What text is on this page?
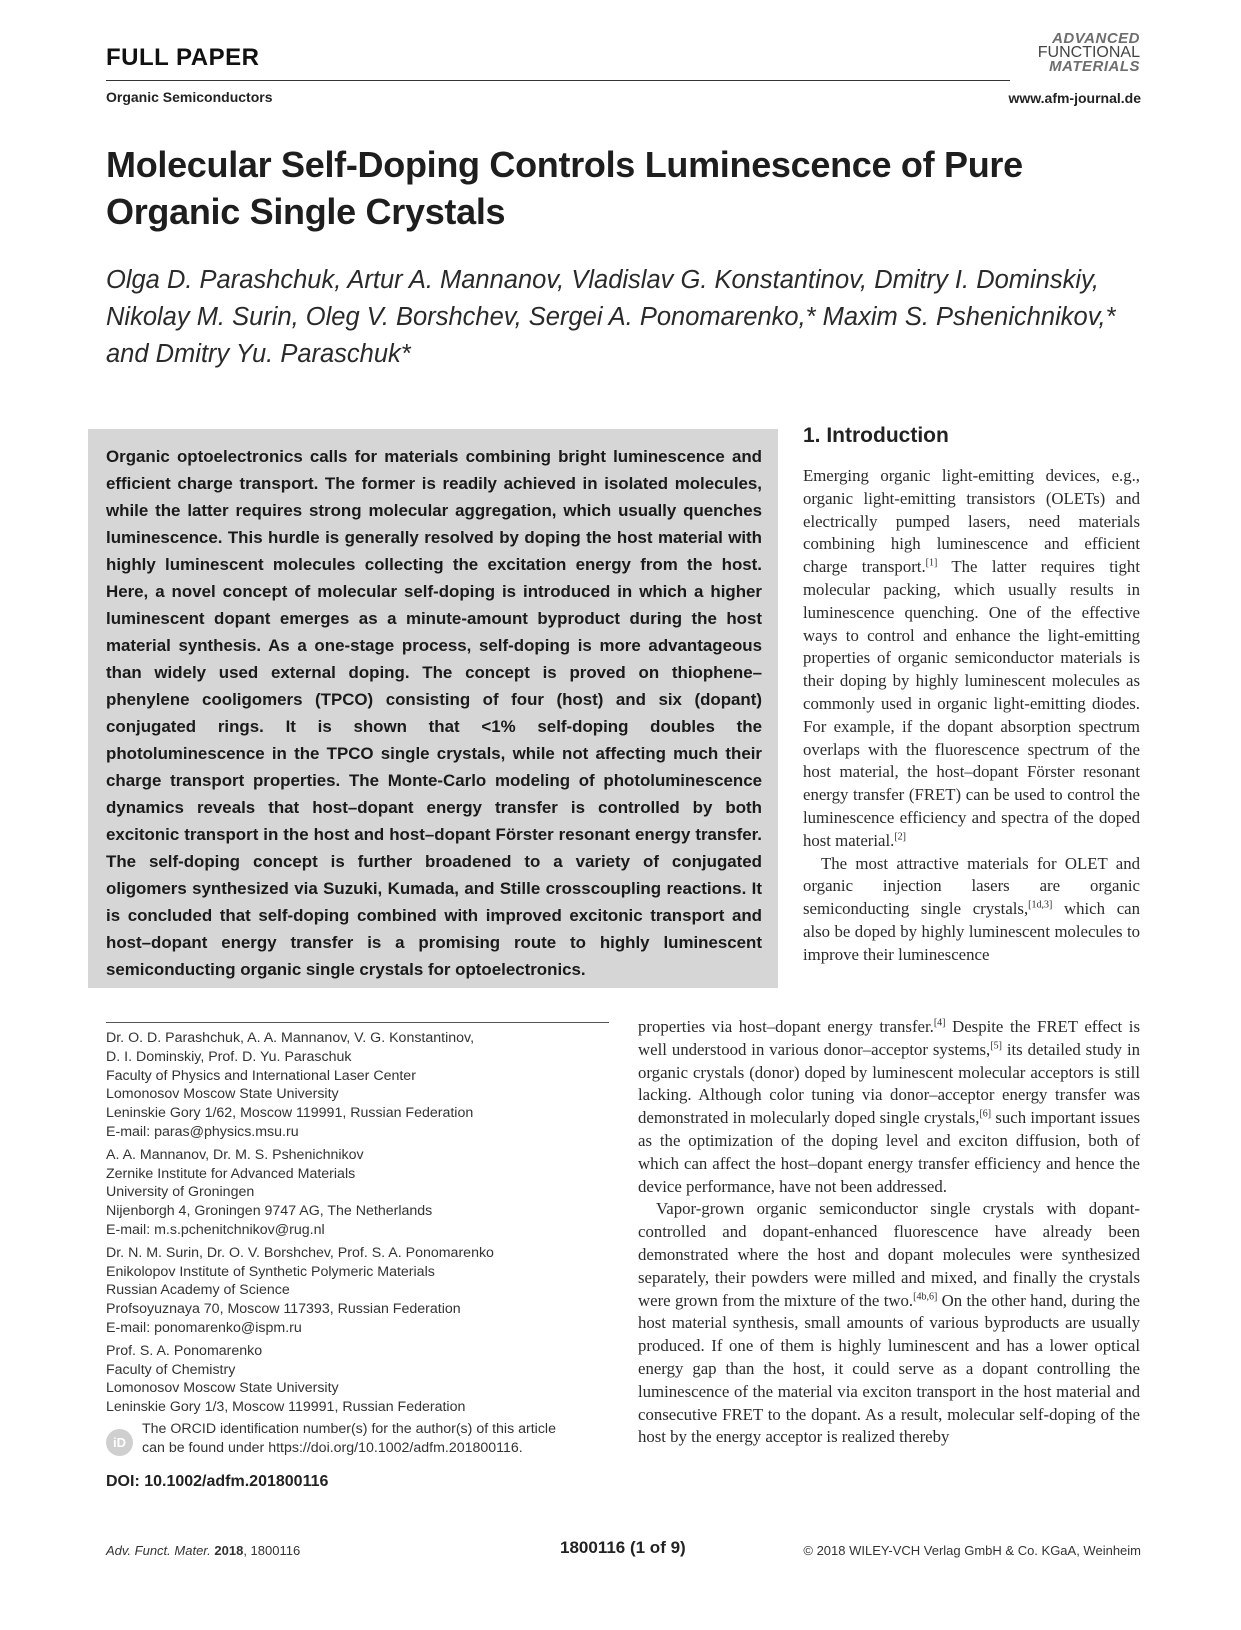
FULL PAPER
Organic Semiconductors
ADVANCED
FUNCTIONAL
MATERIALS
www.afm-journal.de
Molecular Self-Doping Controls Luminescence of Pure Organic Single Crystals
Olga D. Parashchuk, Artur A. Mannanov, Vladislav G. Konstantinov, Dmitry I. Dominskiy, Nikolay M. Surin, Oleg V. Borshchev, Sergei A. Ponomarenko,* Maxim S. Pshenichnikov,* and Dmitry Yu. Paraschuk*
Organic optoelectronics calls for materials combining bright luminescence and efficient charge transport. The former is readily achieved in isolated molecules, while the latter requires strong molecular aggregation, which usually quenches luminescence. This hurdle is generally resolved by doping the host material with highly luminescent molecules collecting the excitation energy from the host. Here, a novel concept of molecular self-doping is introduced in which a higher luminescent dopant emerges as a minute-amount byproduct during the host material synthesis. As a one-stage process, self-doping is more advantageous than widely used external doping. The concept is proved on thiophene–phenylene cooligomers (TPCO) consisting of four (host) and six (dopant) conjugated rings. It is shown that <1% self-doping doubles the photoluminescence in the TPCO single crystals, while not affecting much their charge transport properties. The Monte-Carlo modeling of photoluminescence dynamics reveals that host–dopant energy transfer is controlled by both excitonic transport in the host and host–dopant Förster resonant energy transfer. The self-doping concept is further broadened to a variety of conjugated oligomers synthesized via Suzuki, Kumada, and Stille crosscoupling reactions. It is concluded that self-doping combined with improved excitonic transport and host–dopant energy transfer is a promising route to highly luminescent semiconducting organic single crystals for optoelectronics.
1. Introduction

Emerging organic light-emitting devices, e.g., organic light-emitting transistors (OLETs) and electrically pumped lasers, need materials combining high luminescence and efficient charge transport.[1] The latter requires tight molecular packing, which usually results in luminescence quenching. One of the effective ways to control and enhance the light-emitting properties of organic semiconductor materials is their doping by highly luminescent molecules as commonly used in organic light-emitting diodes. For example, if the dopant absorption spectrum overlaps with the fluorescence spectrum of the host material, the host–dopant Förster resonant energy transfer (FRET) can be used to control the luminescence efficiency and spectra of the doped host material.[2]

The most attractive materials for OLET and organic injection lasers are organic semiconducting single crystals,[1d,3] which can also be doped by highly luminescent molecules to improve their luminescence

properties via host–dopant energy transfer.[4] Despite the FRET effect is well understood in various donor–acceptor systems,[5] its detailed study in organic crystals (donor) doped by luminescent molecular acceptors is still lacking. Although color tuning via donor–acceptor energy transfer was demonstrated in molecularly doped single crystals,[6] such important issues as the optimization of the doping level and exciton diffusion, both of which can affect the host–dopant energy transfer efficiency and hence the device performance, have not been addressed.

Vapor-grown organic semiconductor single crystals with dopant-controlled and dopant-enhanced fluorescence have already been demonstrated where the host and dopant molecules were synthesized separately, their powders were milled and mixed, and finally the crystals were grown from the mixture of the two.[4b,6] On the other hand, during the host material synthesis, small amounts of various byproducts are usually produced. If one of them is highly luminescent and has a lower optical energy gap than the host, it could serve as a dopant controlling the luminescence of the material via exciton transport in the host material and consecutive FRET to the dopant. As a result, molecular self-doping of the host by the energy acceptor is realized thereby

Dr. O. D. Parashchuk, A. A. Mannanov, V. G. Konstantinov,
D. I. Dominskiy, Prof. D. Yu. Paraschuk
Faculty of Physics and International Laser Center
Lomonosov Moscow State University
Leninskie Gory 1/62, Moscow 119991, Russian Federation
E-mail: paras@physics.msu.ru
A. A. Mannanov, Dr. M. S. Pshenichnikov
Zernike Institute for Advanced Materials
University of Groningen
Nijenborgh 4, Groningen 9747 AG, The Netherlands
E-mail: m.s.pchenitchnikov@rug.nl
Dr. N. M. Surin, Dr. O. V. Borshchev, Prof. S. A. Ponomarenko
Enikolopov Institute of Synthetic Polymeric Materials
Russian Academy of Science
Profsoyuznaya 70, Moscow 117393, Russian Federation
E-mail: ponomarenko@ispm.ru
Prof. S. A. Ponomarenko
Faculty of Chemistry
Lomonosov Moscow State University
Leninskie Gory 1/3, Moscow 119991, Russian Federation
iD
The ORCID identification number(s) for the author(s) of this article
can be found under https://doi.org/10.1002/adfm.201800116.
DOI: 10.1002/adfm.201800116
Adv. Funct. Mater. 2018, 1800116	1800116 (1 of 9)	© 2018 WILEY-VCH Verlag GmbH & Co. KGaA, Weinheim
